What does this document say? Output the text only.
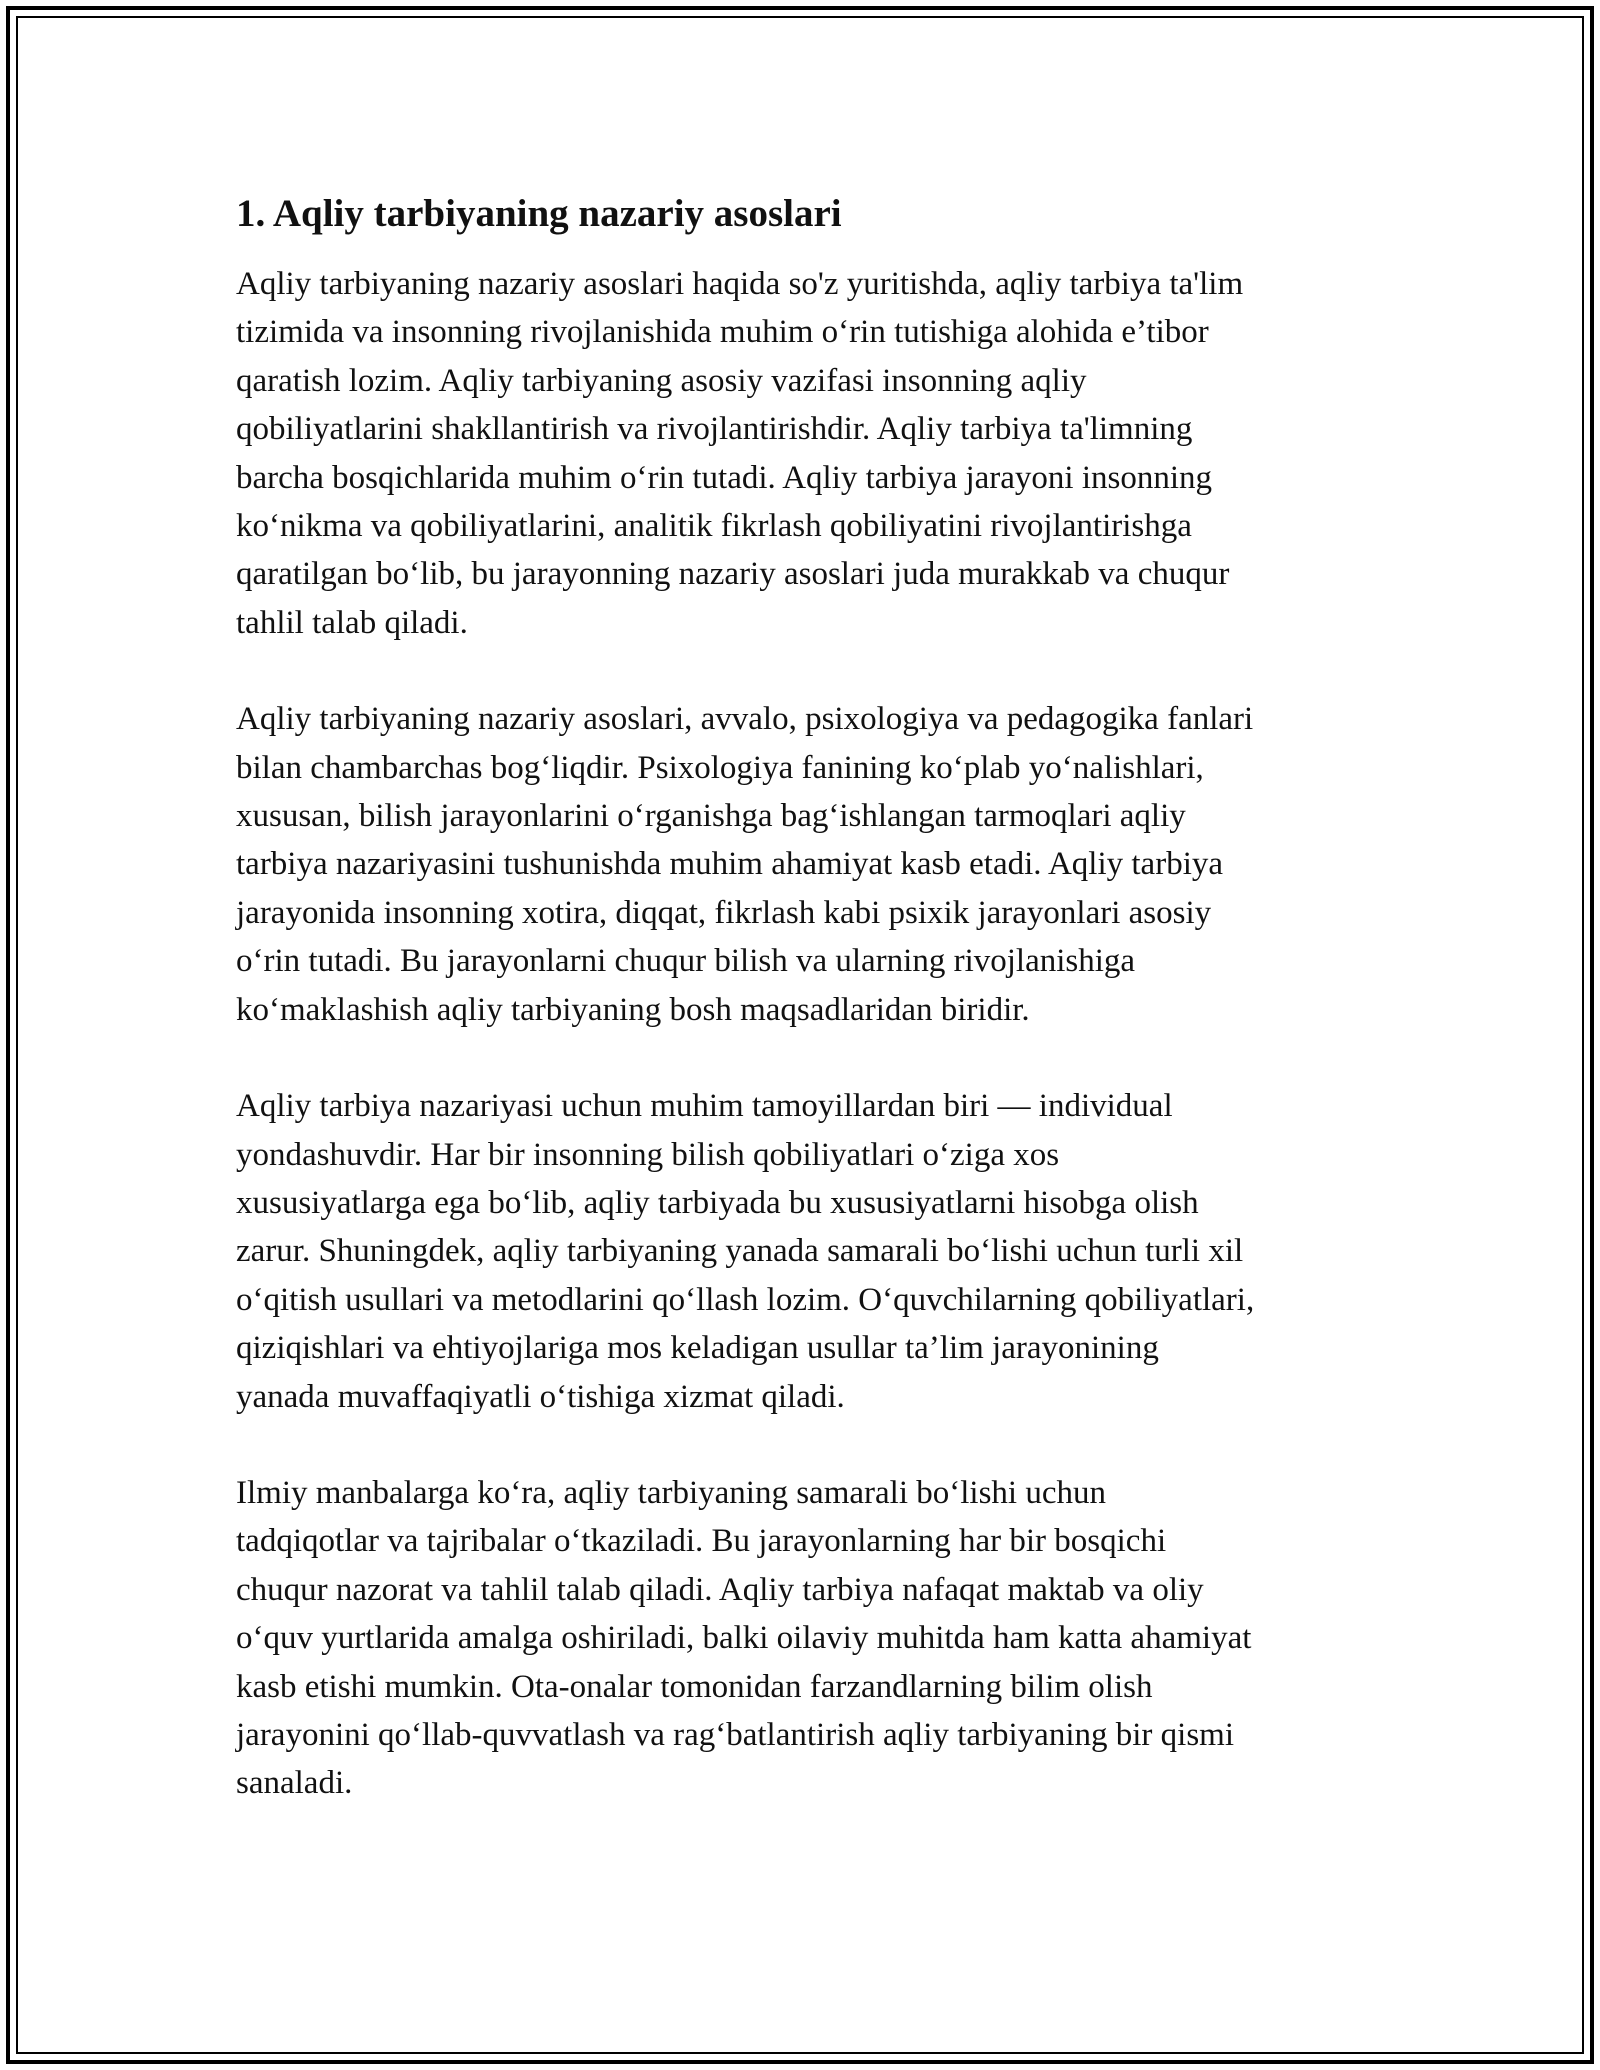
1. Aqliy tarbiyaning nazariy asoslari

Aqliy tarbiyaning nazariy asoslari haqida so'z yuritishda, aqliy tarbiya ta'lim
tizimida va insonning rivojlanishida muhim o‘rin tutishiga alohida e’tibor
qaratish lozim. Aqliy tarbiyaning asosiy vazifasi insonning aqliy
qobiliyatlarini shakllantirish va rivojlantirishdir. Aqliy tarbiya ta'limning
barcha bosqichlarida muhim o‘rin tutadi. Aqliy tarbiya jarayoni insonning
ko‘nikma va qobiliyatlarini, analitik fikrlash qobiliyatini rivojlantirishga
qaratilgan bo‘lib, bu jarayonning nazariy asoslari juda murakkab va chuqur
tahlil talab qiladi.

Aqliy tarbiyaning nazariy asoslari, avvalo, psixologiya va pedagogika fanlari
bilan chambarchas bog‘liqdir. Psixologiya fanining ko‘plab yo‘nalishlari,
xususan, bilish jarayonlarini o‘rganishga bag‘ishlangan tarmoqlari aqliy
tarbiya nazariyasini tushunishda muhim ahamiyat kasb etadi. Aqliy tarbiya
jarayonida insonning xotira, diqqat, fikrlash kabi psixik jarayonlari asosiy
o‘rin tutadi. Bu jarayonlarni chuqur bilish va ularning rivojlanishiga
ko‘maklashish aqliy tarbiyaning bosh maqsadlaridan biridir.

Aqliy tarbiya nazariyasi uchun muhim tamoyillardan biri — individual
yondashuvdir. Har bir insonning bilish qobiliyatlari o‘ziga xos
xususiyatlarga ega bo‘lib, aqliy tarbiyada bu xususiyatlarni hisobga olish
zarur. Shuningdek, aqliy tarbiyaning yanada samarali bo‘lishi uchun turli xil
o‘qitish usullari va metodlarini qo‘llash lozim. O‘quvchilarning qobiliyatlari,
qiziqishlari va ehtiyojlariga mos keladigan usullar ta’lim jarayonining
yanada muvaffaqiyatli o‘tishiga xizmat qiladi.

Ilmiy manbalarga ko‘ra, aqliy tarbiyaning samarali bo‘lishi uchun
tadqiqotlar va tajribalar o‘tkaziladi. Bu jarayonlarning har bir bosqichi
chuqur nazorat va tahlil talab qiladi. Aqliy tarbiya nafaqat maktab va oliy
o‘quv yurtlarida amalga oshiriladi, balki oilaviy muhitda ham katta ahamiyat
kasb etishi mumkin. Ota-onalar tomonidan farzandlarning bilim olish
jarayonini qo‘llab-quvvatlash va rag‘batlantirish aqliy tarbiyaning bir qismi
sanaladi.
